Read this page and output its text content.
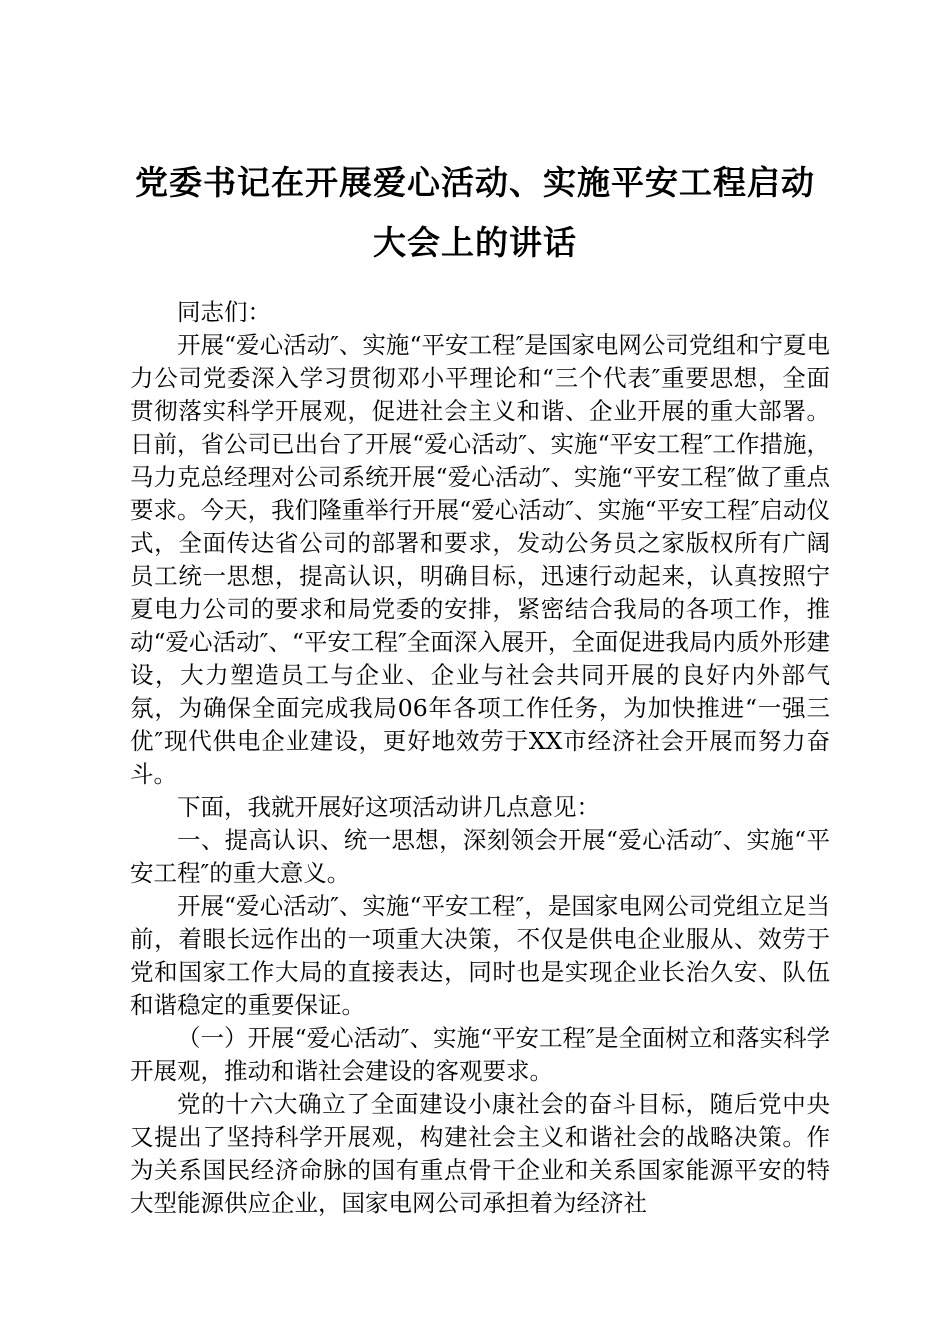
党委书记在开展爱心活动、实施平安工程启动
大会上的讲话

同志们：

开展“爱心活动″、实施“平安工程″是国家电网公司党组和宁夏电力公司党委深入学习贯彻邓小平理论和“三个代表″重要思想，全面贯彻落实科学开展观，促进社会主义和谐、企业开展的重大部署。日前，省公司已出台了开展“爱心活动″、实施“平安工程″工作措施，马力克总经理对公司系统开展“爱心活动″、实施“平安工程″做了重点要求。今天，我们隆重举行开展“爱心活动″、实施“平安工程″启动仪式，全面传达省公司的部署和要求，发动公务员之家版权所有广阔员工统一思想，提高认识，明确目标，迅速行动起来，认真按照宁夏电力公司的要求和局党委的安排，紧密结合我局的各项工作，推动“爱心活动″、“平安工程″全面深入展开，全面促进我局内质外形建设，大力塑造员工与企业、企业与社会共同开展的良好内外部气氛，为确保全面完成我局06年各项工作任务，为加快推进“一强三优″现代供电企业建设，更好地效劳于XX市经济社会开展而努力奋斗。

下面，我就开展好这项活动讲几点意见：

一、提高认识、统一思想，深刻领会开展“爱心活动″、实施“平安工程″的重大意义。

开展“爱心活动″、实施“平安工程″，是国家电网公司党组立足当前，着眼长远作出的一项重大决策，不仅是供电企业服从、效劳于党和国家工作大局的直接表达，同时也是实现企业长治久安、队伍和谐稳定的重要保证。

（一）开展“爱心活动″、实施“平安工程″是全面树立和落实科学开展观，推动和谐社会建设的客观要求。

党的十六大确立了全面建设小康社会的奋斗目标，随后党中央又提出了坚持科学开展观，构建社会主义和谐社会的战略决策。作为关系国民经济命脉的国有重点骨干企业和关系国家能源平安的特大型能源供应企业，国家电网公司承担着为经济社
